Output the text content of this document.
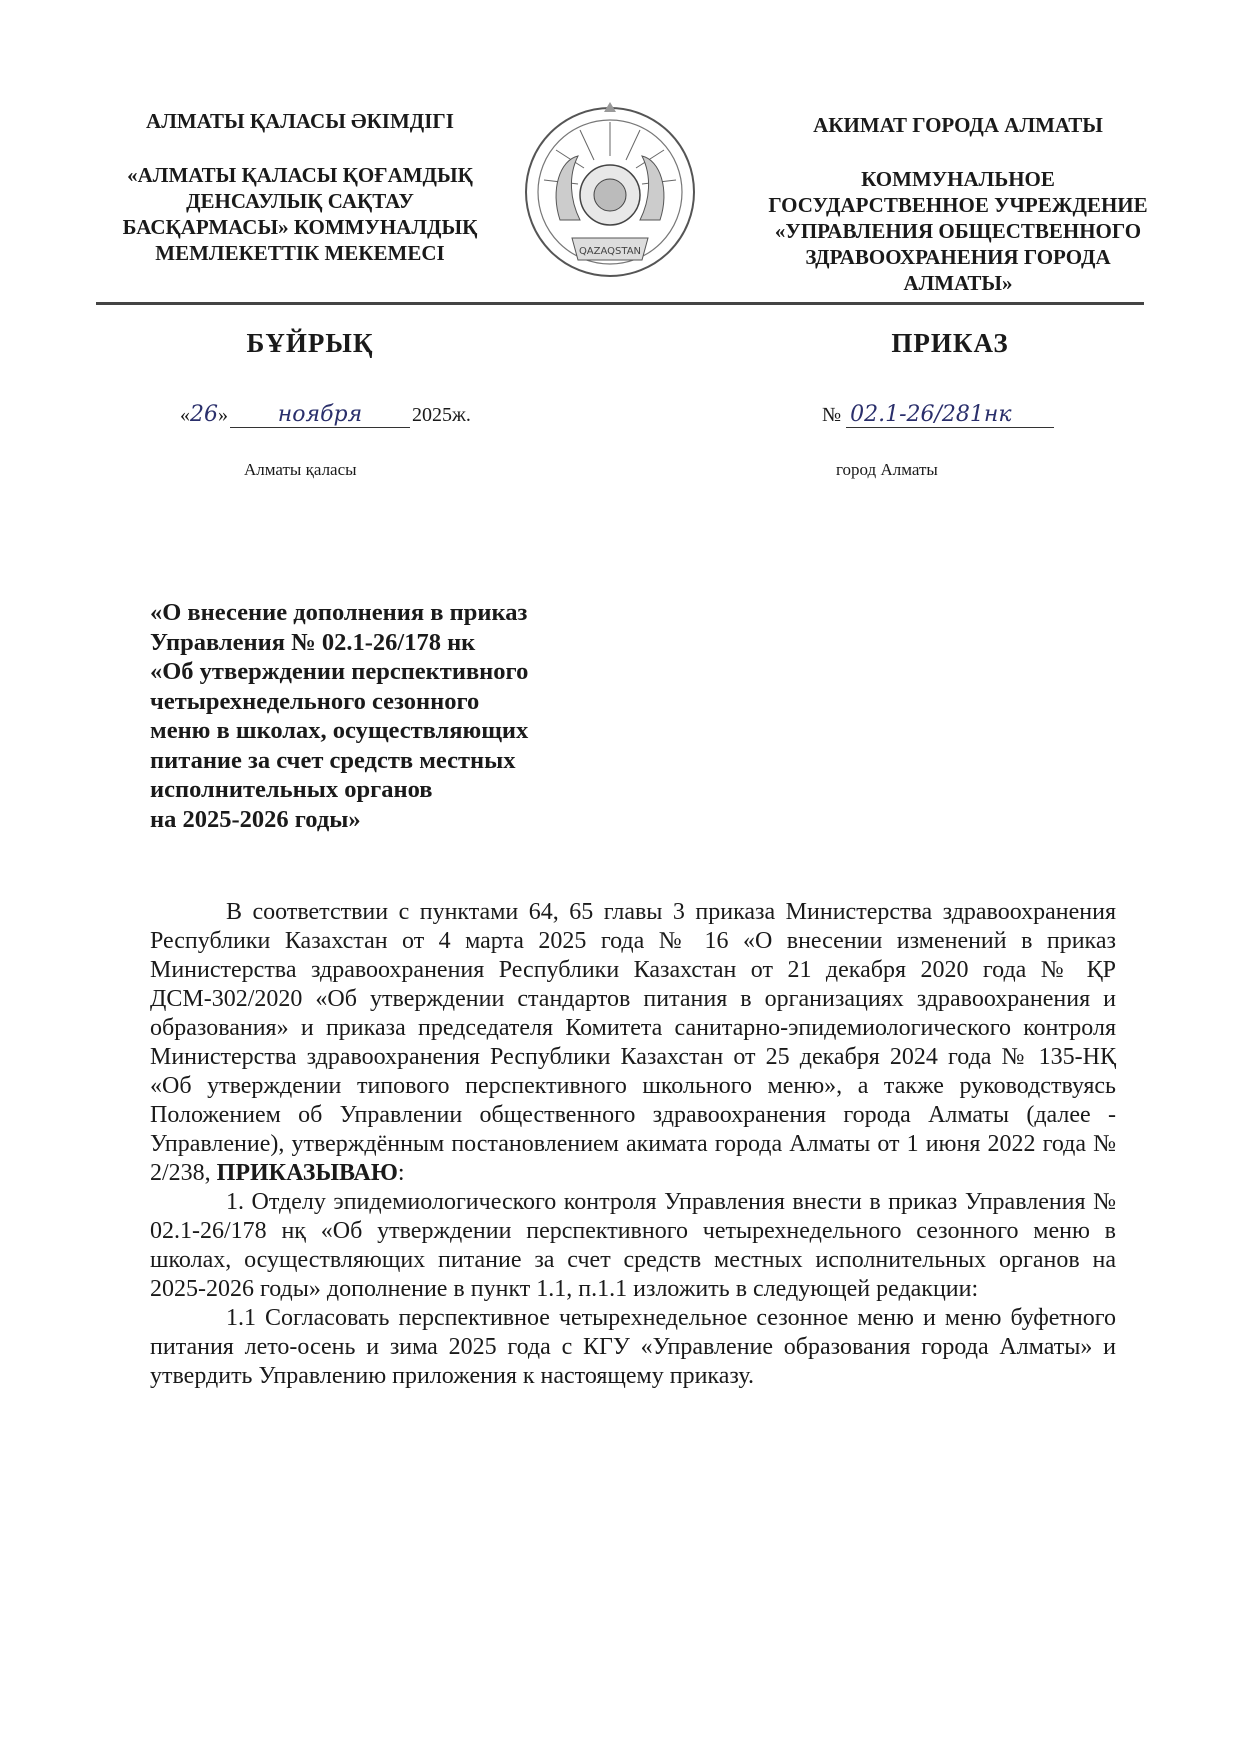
АЛМАТЫ ҚАЛАСЫ ӘКІМДІГІ
«АЛМАТЫ ҚАЛАСЫ ҚОҒАМДЫҚ
ДЕНСАУЛЫҚ САҚТАУ
БАСҚАРМАСЫ» КОММУНАЛДЫҚ
МЕМЛЕКЕТТІК МЕКЕМЕСІ	QAZAQSTAN
АКИМАТ ГОРОДА АЛМАТЫ
КОММУНАЛЬНОЕ
ГОСУДАРСТВЕННОЕ УЧРЕЖДЕНИЕ
«УПРАВЛЕНИЯ ОБЩЕСТВЕННОГО
ЗДРАВООХРАНЕНИЯ ГОРОДА
АЛМАТЫ»
БҰЙРЫҚ	ПРИКАЗ
«26» ноября 2025ж.	№ 02.1-26/281нк
Алматы қаласы	город Алматы
«О внесение дополнения в приказ
Управления № 02.1-26/178 нк
«Об утверждении перспективного
четырехнедельного сезонного
меню в школах, осуществляющих
питание за счет средств местных
исполнительных органов
на 2025-2026 годы»

В соответствии с пунктами 64, 65 главы 3 приказа Министерства здравоохранения Республики Казахстан от 4 марта 2025 года № 16 «О внесении изменений в приказ Министерства здравоохранения Республики Казахстан от 21 декабря 2020 года № ҚР ДСМ-302/2020 «Об утверждении стандартов питания в организациях здравоохранения и образования» и приказа председателя Комитета санитарно-эпидемиологического контроля Министерства здравоохранения Республики Казахстан от 25 декабря 2024 года № 135-НҚ «Об утверждении типового перспективного школьного меню», а также руководствуясь Положением об Управлении общественного здравоохранения города Алматы (далее - Управление), утверждённым постановлением акимата города Алматы от 1 июня 2022 года № 2/238, ПРИКАЗЫВАЮ:

1. Отделу эпидемиологического контроля Управления внести в приказ Управления № 02.1-26/178 нқ «Об утверждении перспективного четырехнедельного сезонного меню в школах, осуществляющих питание за счет средств местных исполнительных органов на 2025-2026 годы» дополнение в пункт 1.1, п.1.1 изложить в следующей редакции:

1.1 Согласовать перспективное четырехнедельное сезонное меню и меню буфетного питания лето-осень и зима 2025 года с КГУ «Управление образования города Алматы» и утвердить Управлению приложения к настоящему приказу.
